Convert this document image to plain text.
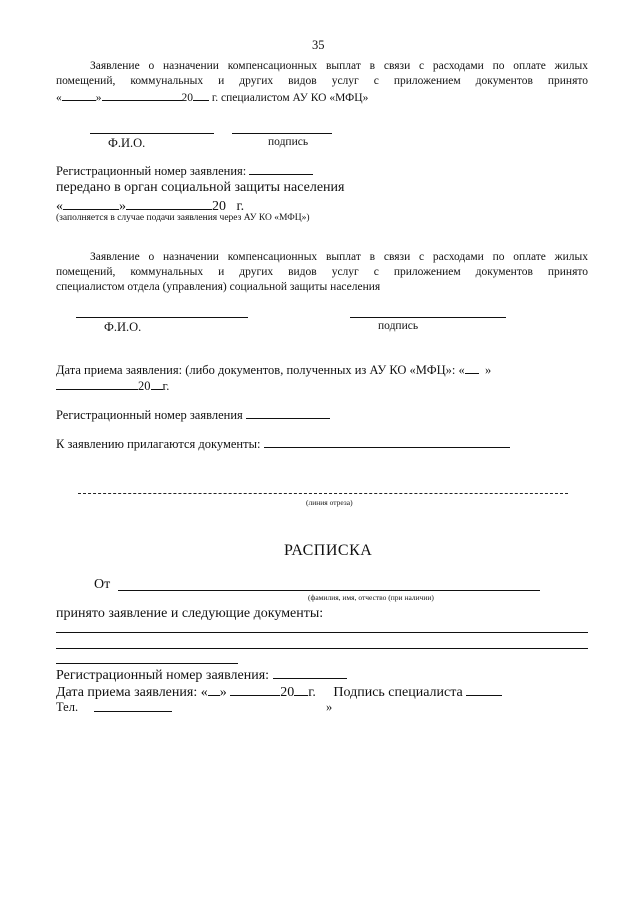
35
Заявление о назначении компенсационных выплат в связи с расходами по оплате жилых
помещений, коммунальных и других видов услуг с приложением документов принято
«	»	20 г. специалистом АУ КО «МФЦ»
Ф.И.О.	подпись
Регистрационный номер заявления:
передано в орган социальной защиты населения
«	»	20 г.
(заполняется в случае подачи заявления через АУ КО «МФЦ»)
Заявление о назначении компенсационных выплат в связи с расходами по оплате жилых
помещений, коммунальных и других видов услуг с приложением документов принято
специалистом отдела (управления) социальной защиты населения
Ф.И.О.	подпись
Дата приема заявления: (либо документов, полученных из АУ КО «МФЦ»: « »
20 г.
Регистрационный номер заявления
К заявлению прилагаются документы:
(линия отреза)
РАСПИСКА
От
(фамилия, имя, отчество (при наличии)
принято заявление и следующие документы:
Регистрационный номер заявления:
Дата приема заявления: « »	20 г. Подпись специалиста
Тел.	»
